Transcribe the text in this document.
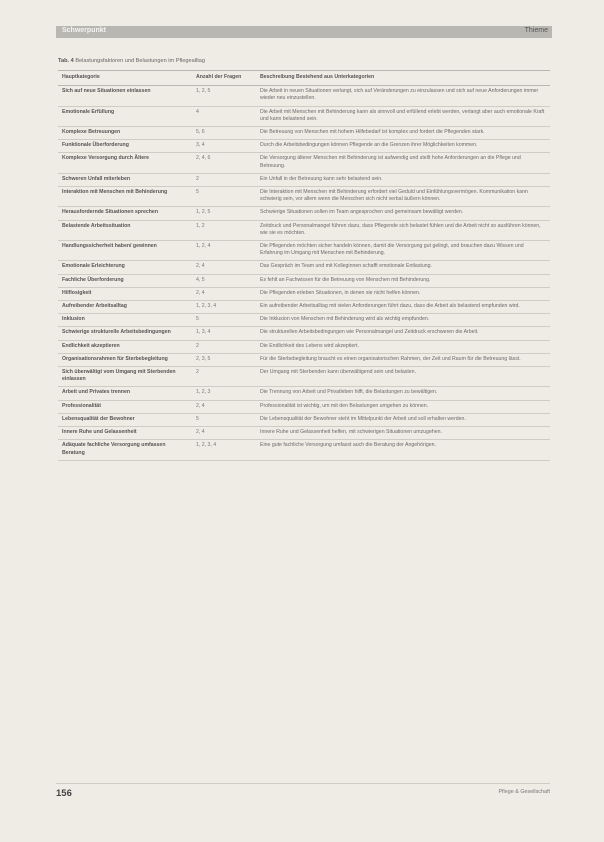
Schwerpunkt	Thieme
Tab. 4 Belastungsfaktoren und Belastungen im Pflegealltag
Hauptkategorie	Anzahl der Fragen	Beschreibung Bestehend aus Unterkategorien
Sich auf neue Situationen einlassen	1, 2, 5	Die Arbeit in neuen Situationen verlangt, sich auf Veränderungen zu einzulassen und sich auf neue Anforderungen immer wieder neu einzustellen.
Emotionale Erfüllung	4	Die Arbeit mit Menschen mit Behinderung kann als sinnvoll und erfüllend erlebt werden, verlangt aber auch emotionale Kraft und kann belastend sein.
Komplexe Betreuungen	5, 6	Die Betreuung von Menschen mit hohem Hilfebedarf ist komplex und fordert die Pflegenden stark.
Funktionale Überforderung	3, 4	Durch die Arbeitsbedingungen können Pflegende an die Grenzen ihrer Möglichkeiten kommen.
Komplexe Versorgung durch Ältere	2, 4, 6	Die Versorgung älterer Menschen mit Behinderung ist aufwendig und stellt hohe Anforderungen an die Pflege und Betreuung.
Schweren Unfall miterleben	2	Ein Unfall in der Betreuung kann sehr belastend sein.
Interaktion mit Menschen mit Behinderung	5	Die Interaktion mit Menschen mit Behinderung erfordert viel Geduld und Einfühlungsvermögen. Kommunikation kann schwierig sein, vor allem wenn die Menschen sich nicht verbal äußern können.
Herausfordernde Situationen sprechen	1, 2, 5	Schwierige Situationen sollen im Team angesprochen und gemeinsam bewältigt werden.
Belastende Arbeitssituation	1, 2	Zeitdruck und Personalmangel führen dazu, dass Pflegende sich belastet fühlen und die Arbeit nicht so ausführen können, wie sie es möchten.
Handlungssicherheit haben/ gewinnen	1, 2, 4	Die Pflegenden möchten sicher handeln können, damit die Versorgung gut gelingt, und brauchen dazu Wissen und Erfahrung im Umgang mit Menschen mit Behinderung.
Emotionale Erleichterung	2, 4	Das Gespräch im Team und mit Kolleginnen schafft emotionale Entlastung.
Fachliche Überforderung	4, 5	Es fehlt an Fachwissen für die Betreuung von Menschen mit Behinderung.
Hilflosigkeit	2, 4	Die Pflegenden erleben Situationen, in denen sie nicht helfen können.
Aufreibender Arbeitsalltag	1, 2, 3, 4	Ein aufreibender Arbeitsalltag mit vielen Anforderungen führt dazu, dass die Arbeit als belastend empfunden wird.
Inklusion	5	Die Inklusion von Menschen mit Behinderung wird als wichtig empfunden.
Schwierige strukturelle Arbeitsbedingungen	1, 3, 4	Die strukturellen Arbeitsbedingungen wie Personalmangel und Zeitdruck erschweren die Arbeit.
Endlichkeit akzeptieren	2	Die Endlichkeit des Lebens wird akzeptiert.
Organisationsrahmen für Sterbebegleitung	2, 3, 5	Für die Sterbebegleitung braucht es einen organisatorischen Rahmen, der Zeit und Raum für die Betreuung lässt.
Sich überwältigt vom Umgang mit Sterbenden einlassen	2	Der Umgang mit Sterbenden kann überwältigend sein und belasten.
Arbeit und Privates trennen	1, 2, 3	Die Trennung von Arbeit und Privatleben hilft, die Belastungen zu bewältigen.
Professionalität	2, 4	Professionalität ist wichtig, um mit den Belastungen umgehen zu können.
Lebensqualität der Bewohner	5	Die Lebensqualität der Bewohner steht im Mittelpunkt der Arbeit und soll erhalten werden.
Innere Ruhe und Gelassenheit	2, 4	Innere Ruhe und Gelassenheit helfen, mit schwierigen Situationen umzugehen.
Adäquate fachliche Versorgung umfassen Beratung	1, 2, 3, 4	Eine gute fachliche Versorgung umfasst auch die Beratung der Angehörigen.
156	Pflege & Gesellschaft
